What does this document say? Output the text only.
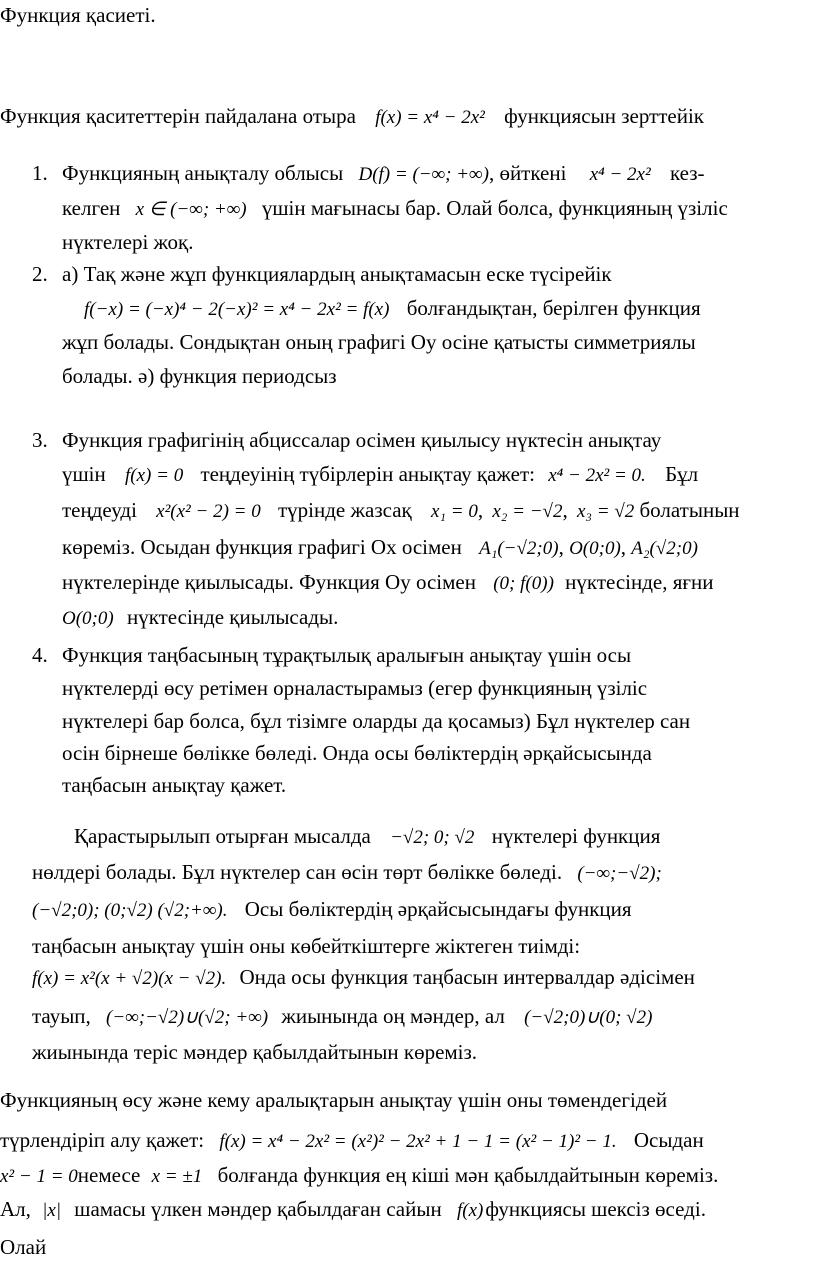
Функция қасиеті.
Функция қаситеттерін пайдалана отыра f(x) = x⁴ − 2x² функциясын зерттейік
1. Функцияның анықталу облысы D(f) = (−∞; +∞), өйткені x⁴ − 2x² кез-
келген x ∈ (−∞; +∞) үшін мағынасы бар. Олай болса, функцияның үзіліс
нүктелері жоқ.
2. а) Тақ және жұп функциялардың анықтамасын еске түсірейік
f(−x) = (−x)⁴ − 2(−x)² = x⁴ − 2x² = f(x) болғандықтан, берілген функция
жұп болады. Сондықтан оның графигі Оу осіне қатысты симметриялы
болады. ә) функция периодсыз
3. Функция графигінің абциссалар осімен қиылысу нүктесін анықтау
үшін f(x) = 0 теңдеуінің түбірлерін анықтау қажет: x⁴ − 2x² = 0. Бұл
теңдеуді x²(x² − 2) = 0 түрінде жазсақ x₁ = 0, x₂ = −√2, x₃ = √2 болатынын
көреміз. Осыдан функция графигі Ох осімен A₁(−√2;0), O(0;0), A₂(√2;0)
нүктелерінде қиылысады. Функция Оу осімен (0; f(0)) нүктесінде, яғни
O(0;0) нүктесінде қиылысады.
4. Функция таңбасының тұрақтылық аралығын анықтау үшін осы
нүктелерді өсу ретімен орналастырамыз (егер функцияның үзіліс
нүктелері бар болса, бұл тізімге оларды да қосамыз) Бұл нүктелер сан
осін бірнеше бөлікке бөледі. Онда осы бөліктердің әрқайсысында
таңбасын анықтау қажет.
Қарастырылып отырған мысалда −√2; 0; √2 нүктелері функция
нөлдері болады. Бұл нүктелер сан өсін төрт бөлікке бөледі. (−∞;−√2);
(−√2;0); (0;√2) (√2;+∞). Осы бөліктердің әрқайсысындағы функция
таңбасын анықтау үшін оны көбейткіштерге жіктеген тиімді:
f(x) = x²(x + √2)(x − √2). Онда осы функция таңбасын интервалдар әдісімен
тауып, (−∞;−√2)∪(√2; +∞) жиынында оң мәндер, ал (−√2;0)∪(0; √2)
жиынында теріс мәндер қабылдайтынын көреміз.
Функцияның өсу және кему аралықтарын анықтау үшін оны төмендегідей
түрлендіріп алу қажет: f(x) = x⁴ − 2x² = (x²)² − 2x² + 1 − 1 = (x² − 1)² − 1. Осыдан
x² − 1 = 0немесе x = ±1 болғанда функция ең кіші мән қабылдайтынын көреміз.
Ал, |x| шамасы үлкен мәндер қабылдаған сайын f(x)функциясы шексіз өседі.
Олай
